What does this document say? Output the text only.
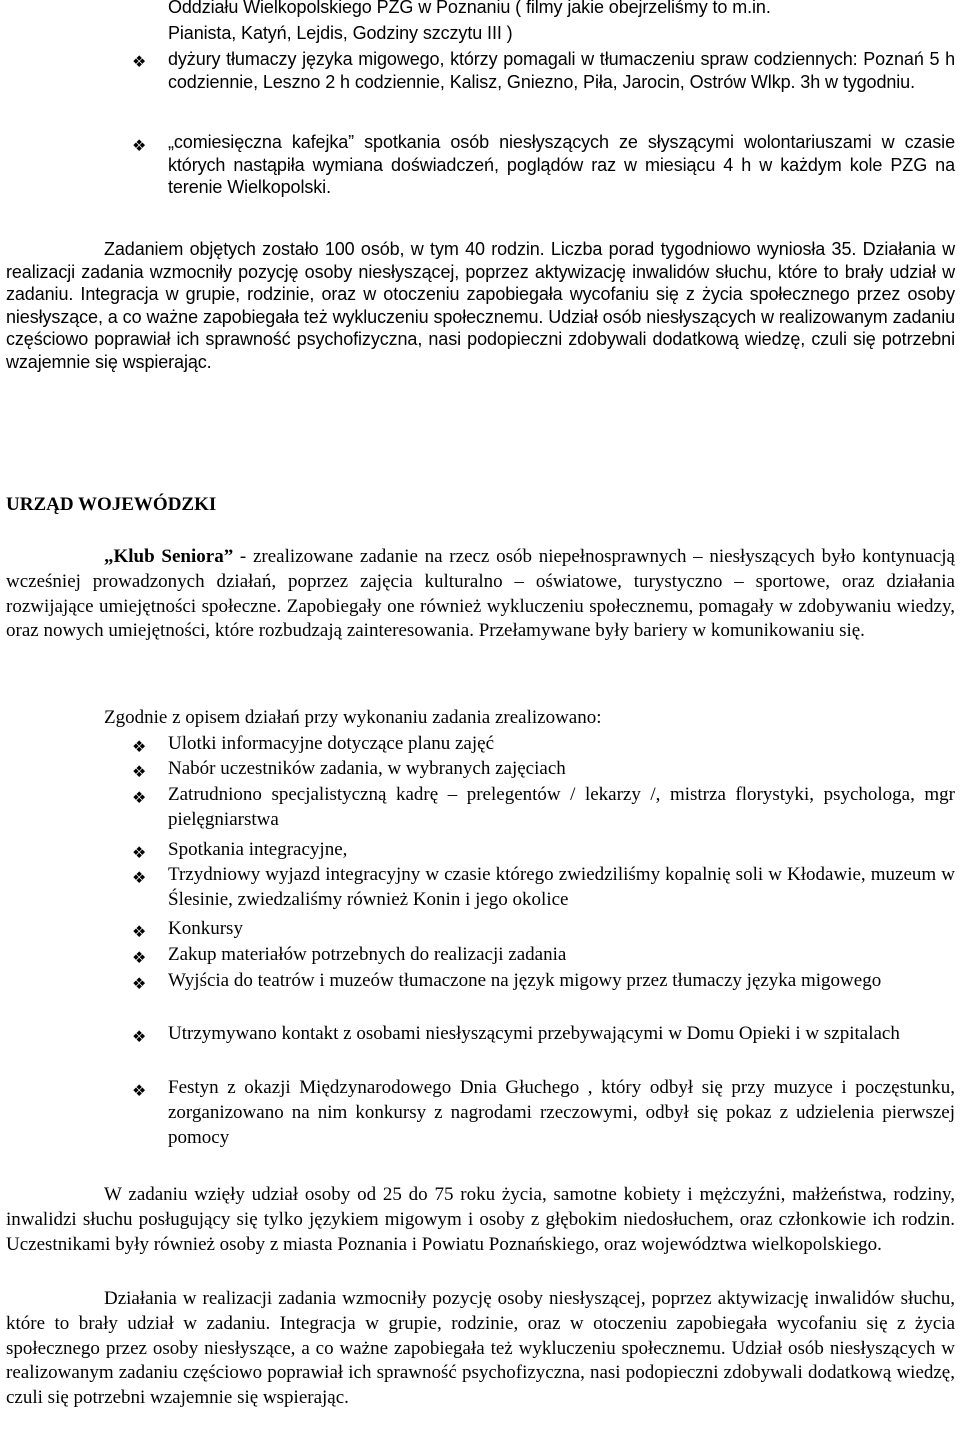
Oddziału Wielkopolskiego PZG w Poznaniu ( filmy jakie obejrzeliśmy to m.in.

Pianista, Katyń, Lejdis, Godziny szczytu III )

❖ dyżury tłumaczy języka migowego, którzy pomagali w tłumaczeniu spraw codziennych: Poznań 5 h codziennie, Leszno 2 h codziennie, Kalisz, Gniezno, Piła, Jarocin, Ostrów Wlkp. 3h w tygodniu.

❖ „comiesięczna kafejka” spotkania osób niesłyszących ze słyszącymi wolontariuszami w czasie których nastąpiła wymiana doświadczeń, poglądów raz w miesiącu 4 h w każdym kole PZG na terenie Wielkopolski.

Zadaniem objętych zostało 100 osób, w tym 40 rodzin. Liczba porad tygodniowo wyniosła 35. Działania w realizacji zadania wzmocniły pozycję osoby niesłyszącej, poprzez aktywizację inwalidów słuchu, które to brały udział w zadaniu. Integracja w grupie, rodzinie, oraz w otoczeniu zapobiegała wycofaniu się z życia społecznego przez osoby niesłyszące, a co ważne zapobiegała też wykluczeniu społecznemu. Udział osób niesłyszących w realizowanym zadaniu częściowo poprawiał ich sprawność psychofizyczna, nasi podopieczni zdobywali dodatkową wiedzę, czuli się potrzebni wzajemnie się wspierając.

URZĄD WOJEWÓDZKI

„Klub Seniora” - zrealizowane zadanie na rzecz osób niepełnosprawnych – niesłyszących było kontynuacją wcześniej prowadzonych działań, poprzez zajęcia kulturalno – oświatowe, turystyczno – sportowe, oraz działania rozwijające umiejętności społeczne. Zapobiegały one również wykluczeniu społecznemu, pomagały w zdobywaniu wiedzy, oraz nowych umiejętności, które rozbudzają zainteresowania. Przełamywane były bariery w komunikowaniu się.

Zgodnie z opisem działań przy wykonaniu zadania zrealizowano:

❖ Ulotki informacyjne dotyczące planu zajęć

❖ Nabór uczestników zadania, w wybranych zajęciach

❖ Zatrudniono specjalistyczną kadrę – prelegentów / lekarzy /, mistrza florystyki, psychologa, mgr pielęgniarstwa

❖ Spotkania integracyjne,

❖ Trzydniowy wyjazd integracyjny w czasie którego zwiedziliśmy kopalnię soli w Kłodawie, muzeum w Ślesinie, zwiedzaliśmy również Konin i jego okolice

❖ Konkursy

❖ Zakup materiałów potrzebnych do realizacji zadania

❖ Wyjścia do teatrów i muzeów tłumaczone na język migowy przez tłumaczy języka migowego

❖ Utrzymywano kontakt z osobami niesłyszącymi przebywającymi w Domu Opieki i w szpitalach

❖ Festyn z okazji Międzynarodowego Dnia Głuchego , który odbył się przy muzyce i poczęstunku, zorganizowano na nim konkursy z nagrodami rzeczowymi, odbył się pokaz z udzielenia pierwszej pomocy

W zadaniu wzięły udział osoby od 25 do 75 roku życia, samotne kobiety i mężczyźni, małżeństwa, rodziny, inwalidzi słuchu posługujący się tylko językiem migowym i osoby z głębokim niedosłuchem, oraz członkowie ich rodzin. Uczestnikami były również osoby z miasta Poznania i Powiatu Poznańskiego, oraz województwa wielkopolskiego.

Działania w realizacji zadania wzmocniły pozycję osoby niesłyszącej, poprzez aktywizację inwalidów słuchu, które to brały udział w zadaniu. Integracja w grupie, rodzinie, oraz w otoczeniu zapobiegała wycofaniu się z życia społecznego przez osoby niesłyszące, a co ważne zapobiegała też wykluczeniu społecznemu. Udział osób niesłyszących w realizowanym zadaniu częściowo poprawiał ich sprawność psychofizyczna, nasi podopieczni zdobywali dodatkową wiedzę, czuli się potrzebni wzajemnie się wspierając.
